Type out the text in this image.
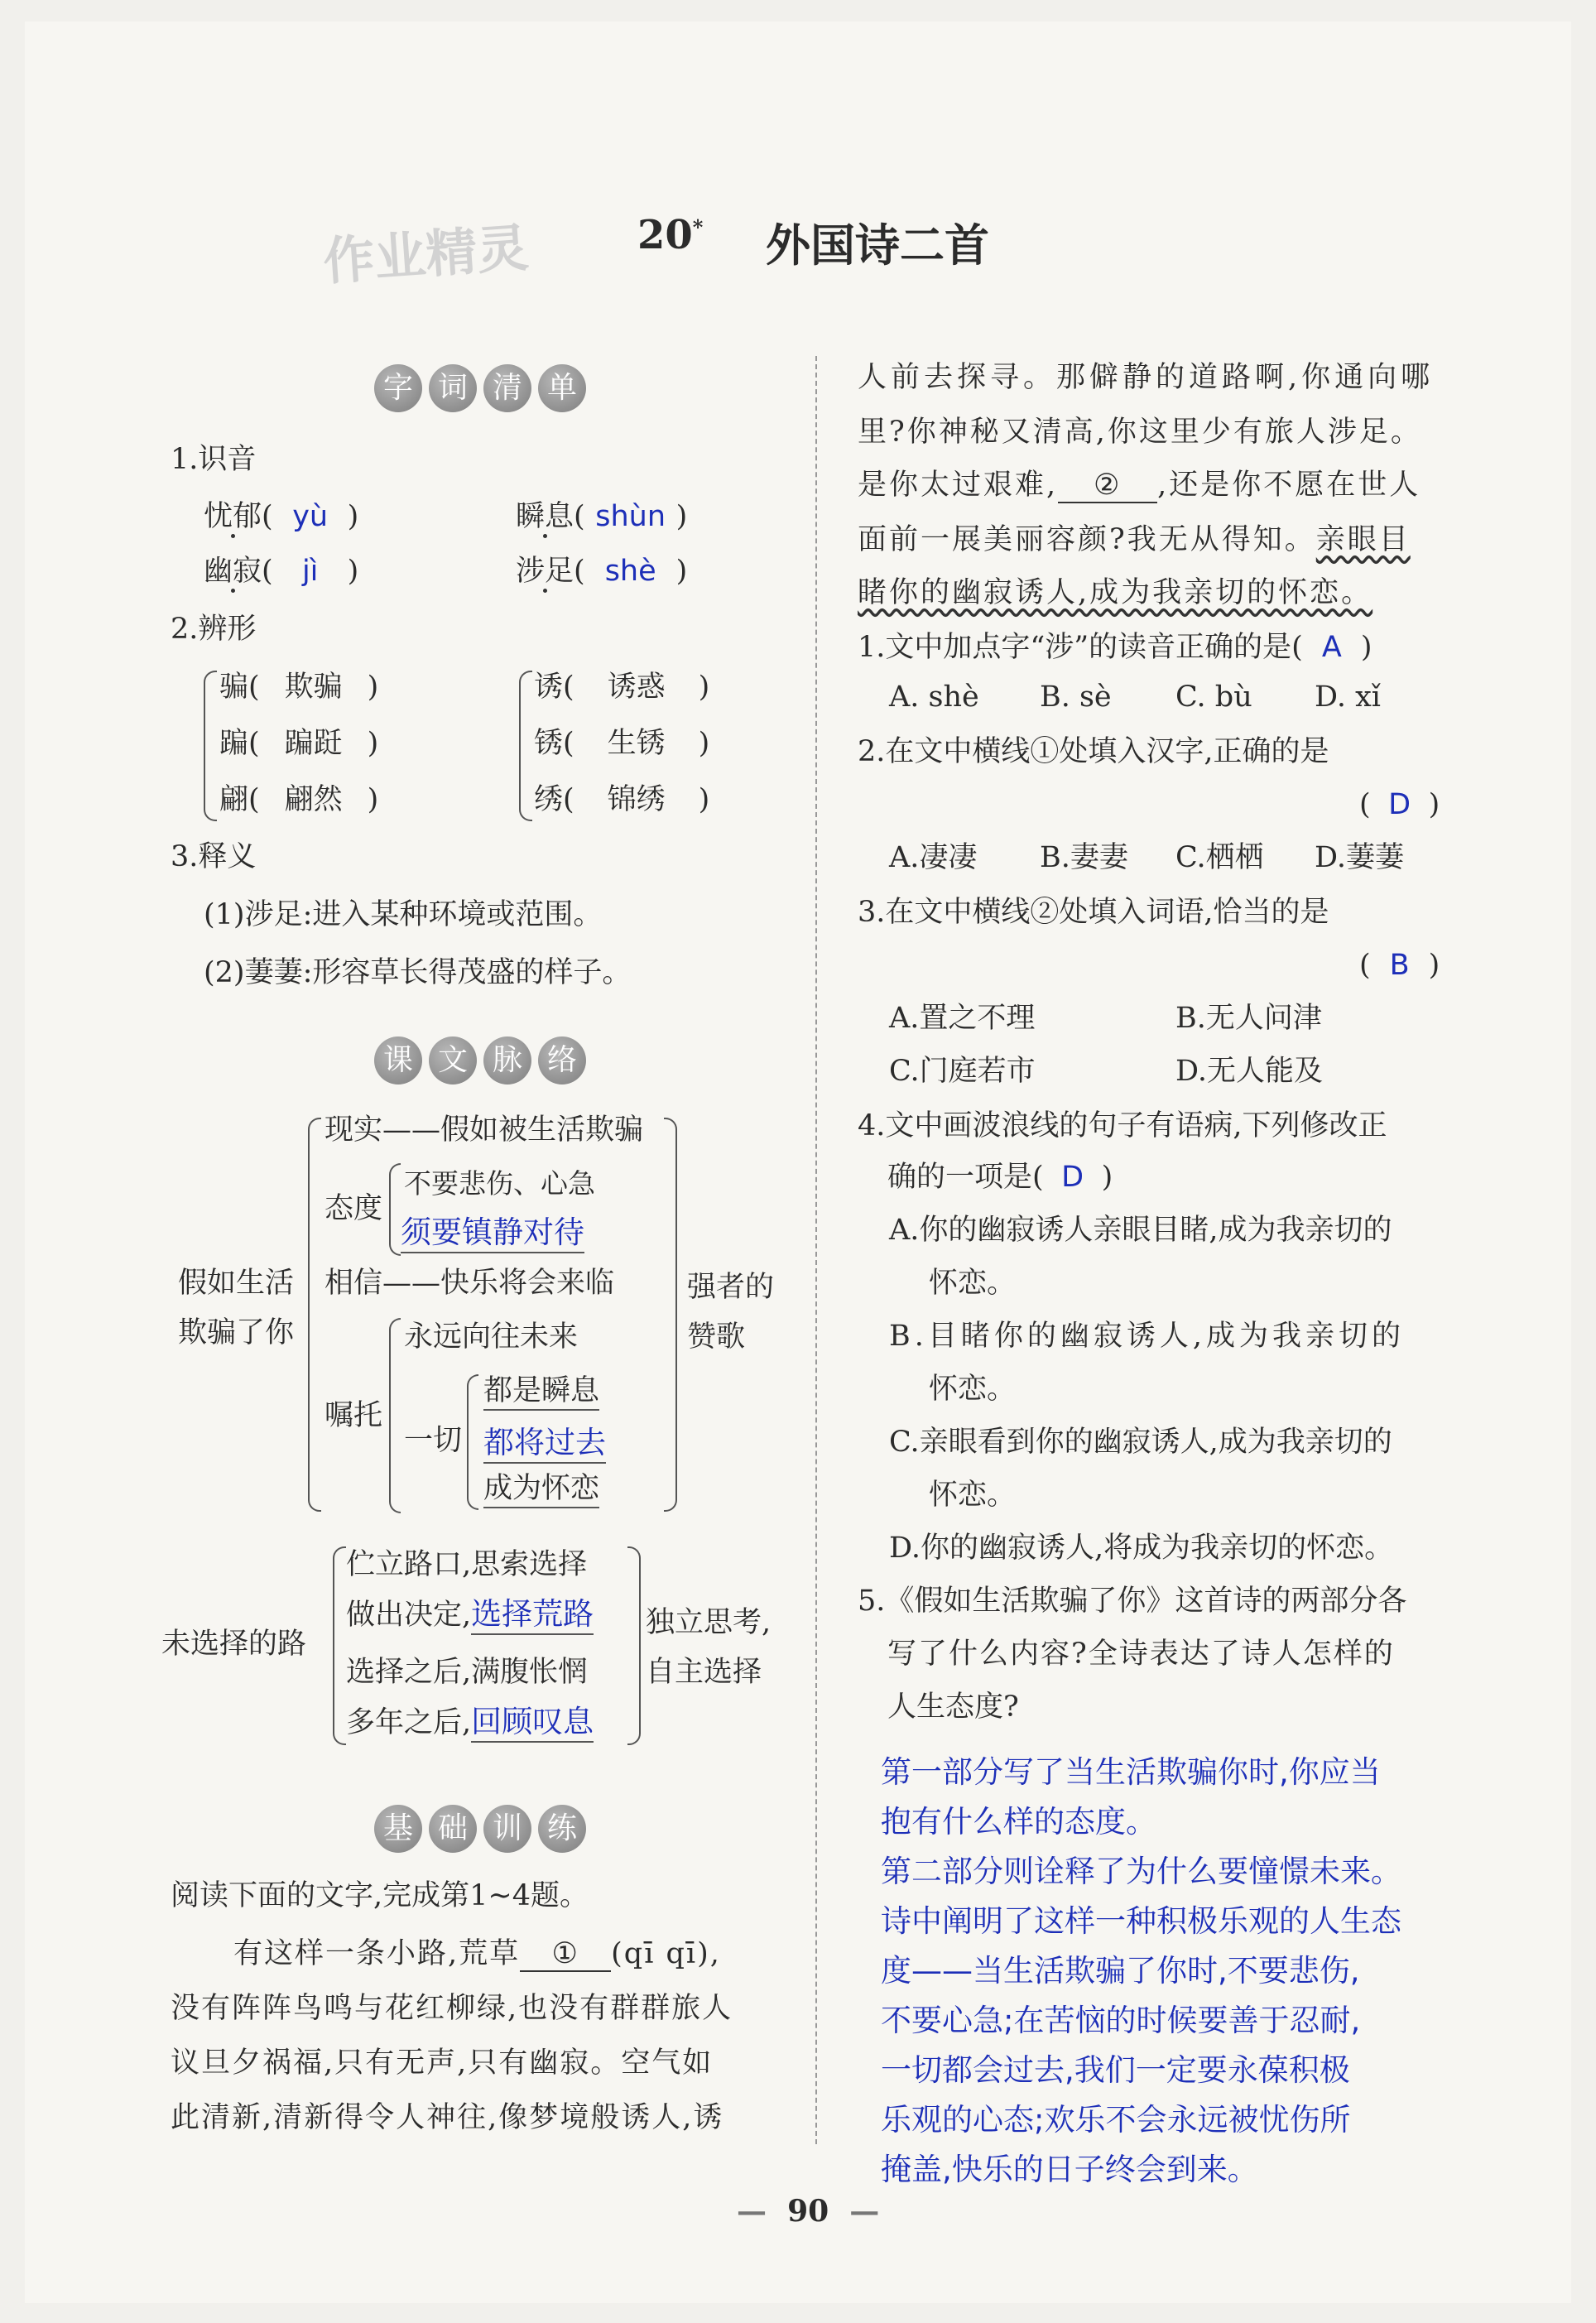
作业精灵	20* 外国诗二首
字 词 清 单
1.识音
忧郁( yù )	瞬息( shùn )
幽寂( jì )	涉足( shè )
2.辨形
骗( 欺骗 )
蹁( 蹁跹 )
翩( 翩然 )
诱( 诱惑 )
锈( 生锈 )
绣( 锦绣 )
3.释义
(1)涉足:进入某种环境或范围。
(2)萋萋:形容草长得茂盛的样子。
课 文 脉 络
假如生活
欺骗了你
强者的
赞歌
现实——假如被生活欺骗
态度
不要悲伤、心急
须要镇静对待
相信——快乐将会来临
嘱托
永远向往未来
一切
都是瞬息
都将过去
成为怀恋
未选择的路
伫立路口,思索选择
做出决定,选择荒路
选择之后,满腹怅惘
多年之后,回顾叹息
独立思考,
自主选择
基 础 训 练
阅读下面的文字,完成第1~4题。
有这样一条小路,荒草 ① (qī qī),
没有阵阵鸟鸣与花红柳绿,也没有群群旅人
议旦夕祸福,只有无声,只有幽寂。空气如
此清新,清新得令人神往,像梦境般诱人,诱
人前去探寻。那僻静的道路啊,你通向哪
里?你神秘又清高,你这里少有旅人涉足。
是你太过艰难, ② ,还是你不愿在世人
面前一展美丽容颜?我无从得知。亲眼目
睹你的幽寂诱人,成为我亲切的怀恋。
1.文中加点字“涉”的读音正确的是( A )
A. shè B. sè C. bù D. xǐ
2.在文中横线①处填入汉字,正确的是
( D )
A.凄凄 B.妻妻 C.栖栖 D.萋萋
3.在文中横线②处填入词语,恰当的是
( B )
A.置之不理	B.无人问津
C.门庭若市	D.无人能及
4.文中画波浪线的句子有语病,下列修改正
确的一项是( D )
A.你的幽寂诱人亲眼目睹,成为我亲切的
怀恋。
B.目睹你的幽寂诱人,成为我亲切的
怀恋。
C.亲眼看到你的幽寂诱人,成为我亲切的
怀恋。
D.你的幽寂诱人,将成为我亲切的怀恋。
5.《假如生活欺骗了你》这首诗的两部分各
写了什么内容?全诗表达了诗人怎样的
人生态度?
第一部分写了当生活欺骗你时,你应当
抱有什么样的态度。
第二部分则诠释了为什么要憧憬未来。
诗中阐明了这样一种积极乐观的人生态
度——当生活欺骗了你时,不要悲伤,
不要心急;在苦恼的时候要善于忍耐,
一切都会过去,我们一定要永葆积极
乐观的心态;欢乐不会永远被忧伤所
掩盖,快乐的日子终会到来。
—  90  —
